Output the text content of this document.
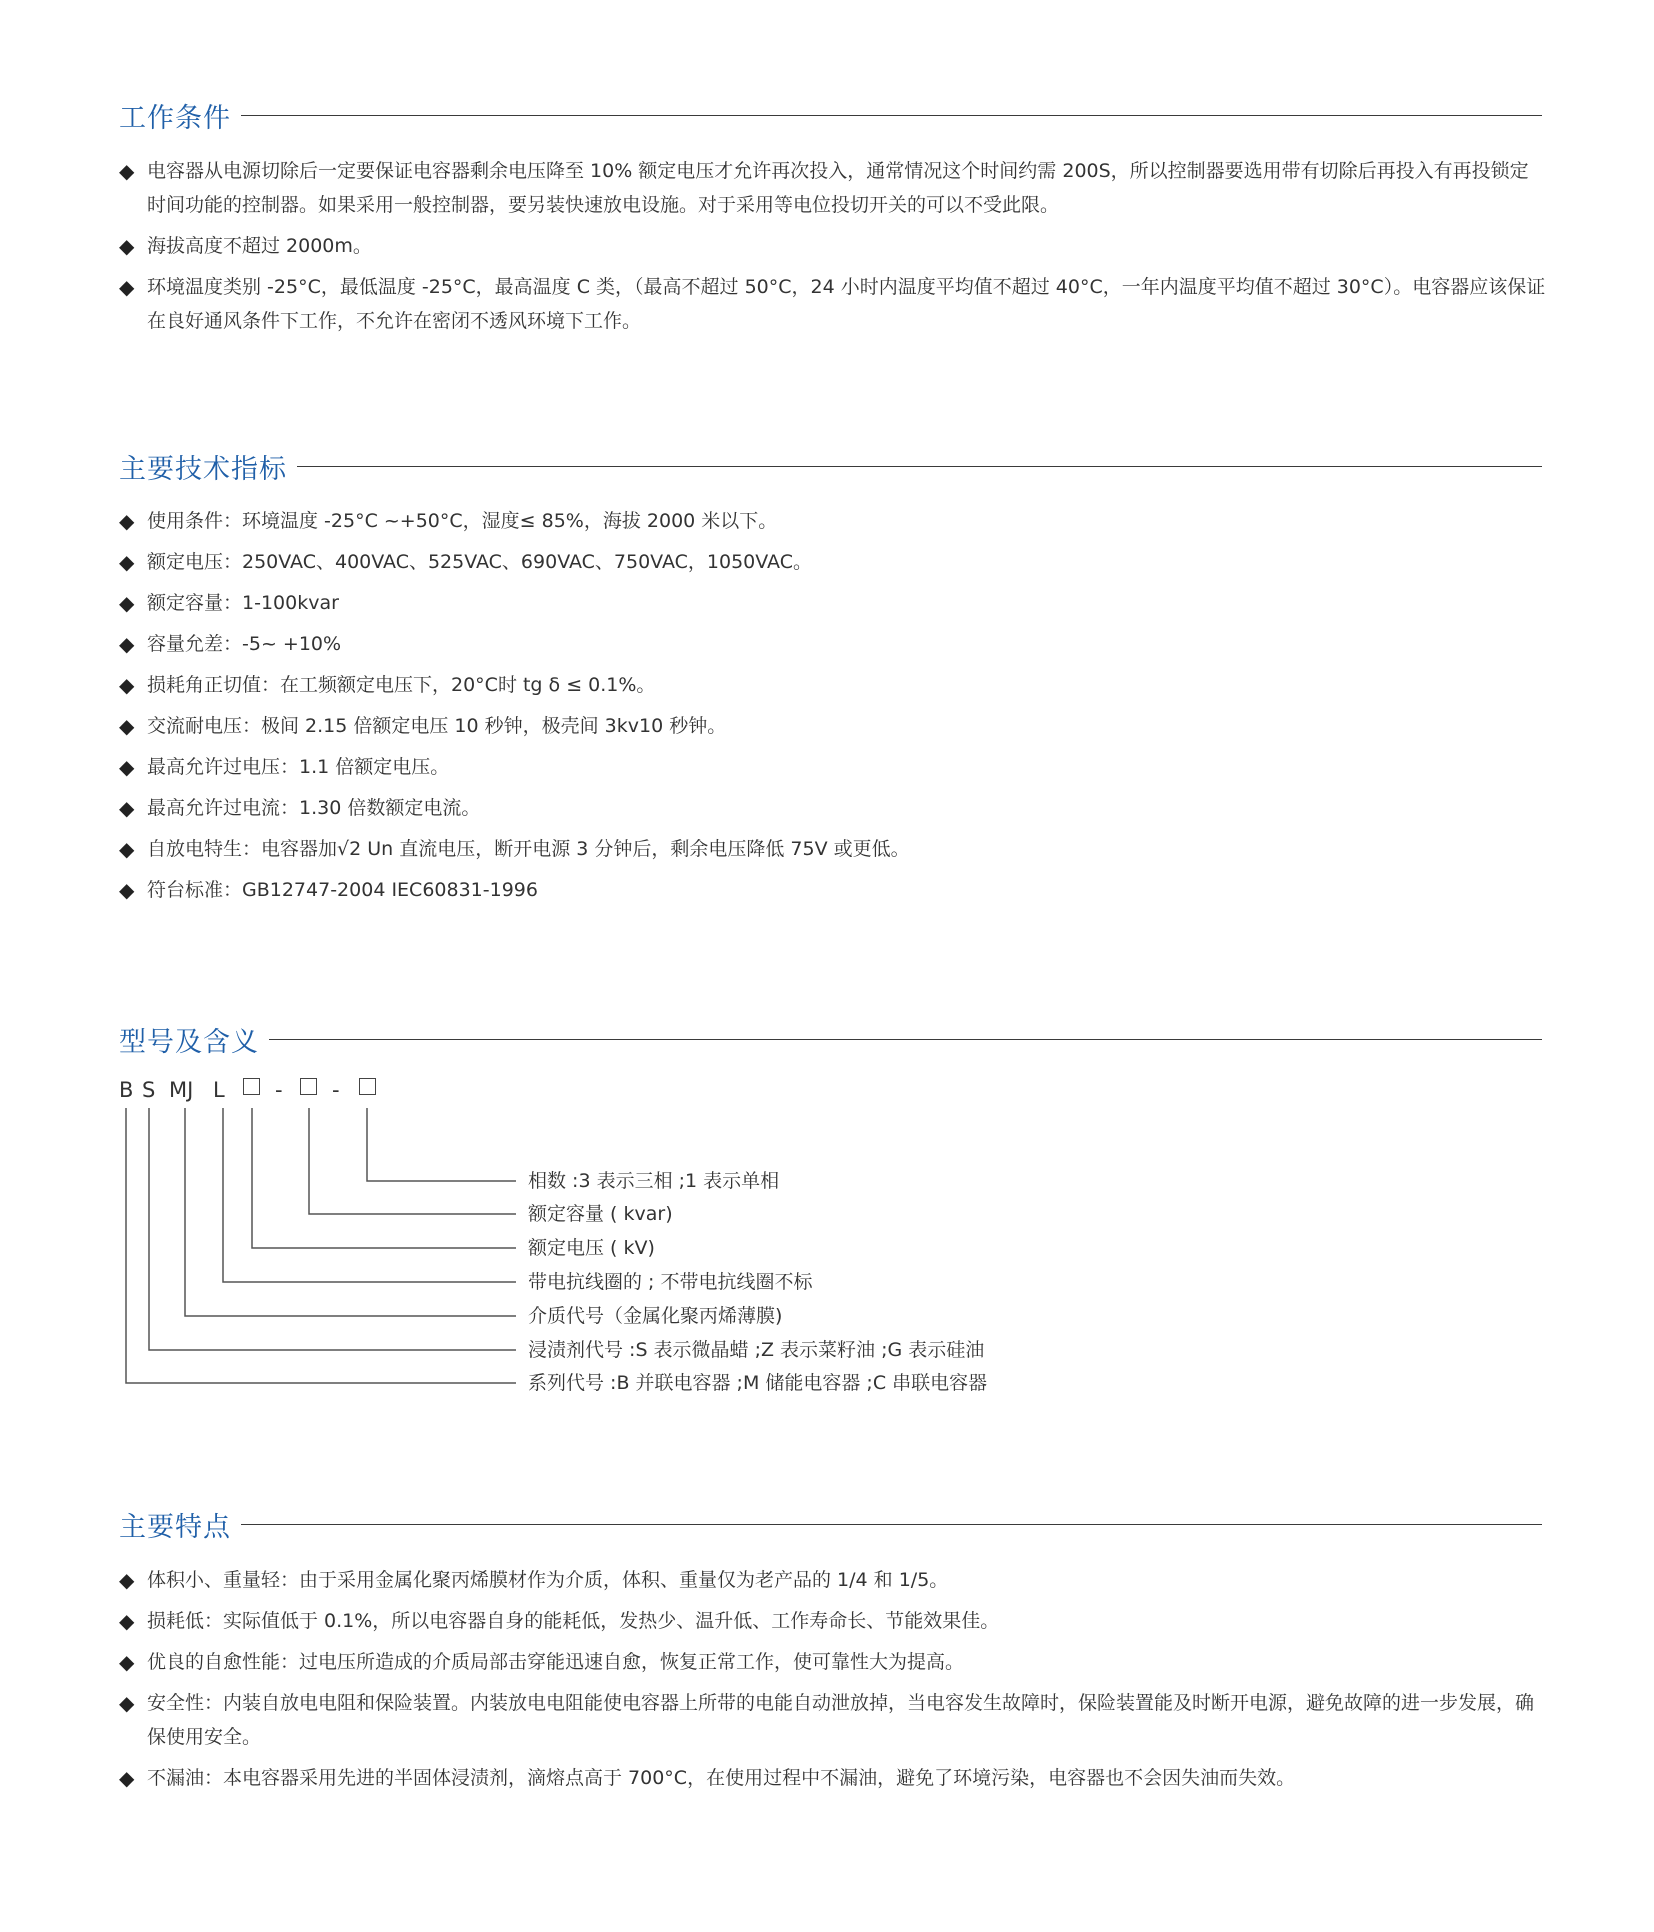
工作条件
◆ 电容器从电源切除后一定要保证电容器剩余电压降至 10% 额定电压才允许再次投入，通常情况这个时间约需 200S，所以控制器要选用带有切除后再投入有再投锁定时间功能的控制器。如果采用一般控制器，要另装快速放电设施。对于采用等电位投切开关的可以不受此限。
◆ 海拔高度不超过 2000m。
◆ 环境温度类别 -25°C，最低温度 -25°C，最高温度 C 类，（最高不超过 50°C，24 小时内温度平均值不超过 40°C，一年内温度平均值不超过 30°C）。电容器应该保证在良好通风条件下工作，不允许在密闭不透风环境下工作。
主要技术指标
◆ 使用条件：环境温度 -25°C ~+50°C，湿度≤ 85%，海拔 2000 米以下。
◆ 额定电压：250VAC、400VAC、525VAC、690VAC、750VAC，1050VAC。
◆ 额定容量：1-100kvar
◆ 容量允差：-5~ +10%
◆ 损耗角正切值：在工频额定电压下，20°C时 tg δ ≤ 0.1%。
◆ 交流耐电压：极间 2.15 倍额定电压 10 秒钟，极壳间 3kv10 秒钟。
◆ 最高允许过电压：1.1 倍额定电压。
◆ 最高允许过电流：1.30 倍数额定电流。
◆ 自放电特生：电容器加√2 Un 直流电压，断开电源 3 分钟后，剩余电压降低 75V 或更低。
◆ 符台标准：GB12747-2004 IEC60831-1996
型号及含义
B S MJ L - -
相数 :3 表示三相 ;1 表示单相
额定容量 ( kvar)
额定电压 ( kV)
带电抗线圈的 ; 不带电抗线圈不标
介质代号（金属化聚丙烯薄膜)
浸渍剂代号 :S 表示微晶蜡 ;Z 表示菜籽油 ;G 表示硅油
系列代号 :B 并联电容器 ;M 储能电容器 ;C 串联电容器
主要特点
◆ 体积小、重量轻：由于采用金属化聚丙烯膜材作为介质，体积、重量仅为老产品的 1/4 和 1/5。
◆ 损耗低：实际值低于 0.1%，所以电容器自身的能耗低，发热少、温升低、工作寿命长、节能效果佳。
◆ 优良的自愈性能：过电压所造成的介质局部击穿能迅速自愈，恢复正常工作，使可靠性大为提高。
◆ 安全性：内装自放电电阻和保险装置。内装放电电阻能使电容器上所带的电能自动泄放掉，当电容发生故障时，保险装置能及时断开电源，避免故障的进一步发展，确保使用安全。
◆ 不漏油：本电容器采用先进的半固体浸渍剂，滴熔点高于 700°C，在使用过程中不漏油，避免了环境污染，电容器也不会因失油而失效。
